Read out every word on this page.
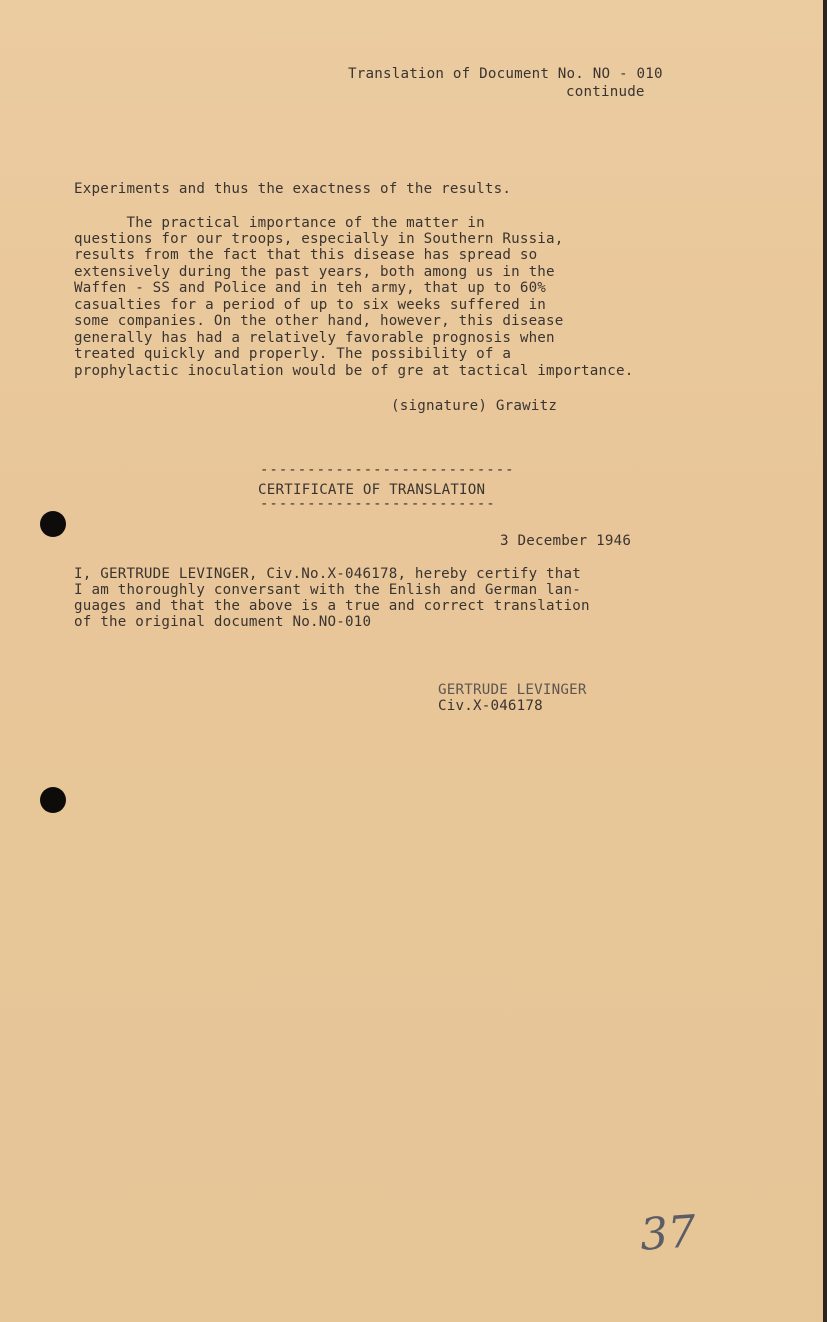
Translation of Document No. NO - 010
continude
Experiments and thus the exactness of the results.
The practical importance of the matter in
questions for our troops, especially in Southern Russia,
results from the fact that this disease has spread so
extensively during the past years, both among us in the
Waffen - SS and Police and in teh army, that up to 60%
casualties for a period of up to six weeks suffered in
some companies. On the other hand, however, this disease
generally has had a relatively favorable prognosis when
treated quickly and properly. The possibility of a
prophylactic inoculation would be of gre at tactical importance.
(signature) Grawitz
---------------------------
CERTIFICATE OF TRANSLATION
-------------------------
3 December 1946
I, GERTRUDE LEVINGER, Civ.No.X-046178, hereby certify that
I am thoroughly conversant with the Enlish and German lan-
guages and that the above is a true and correct translation
of the original document No.NO-010
GERTRUDE LEVINGER
Civ.X-046178
37
